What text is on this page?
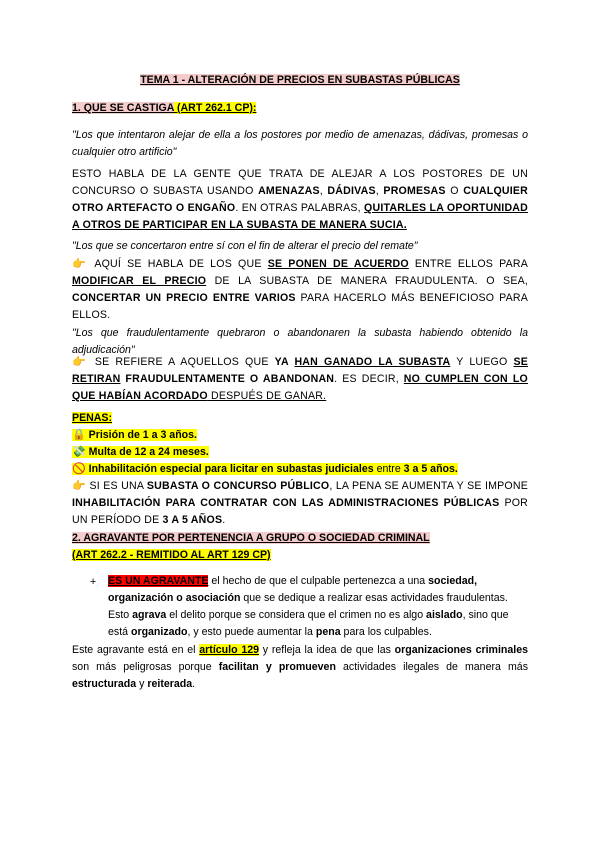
TEMA 1 - ALTERACIÓN DE PRECIOS EN SUBASTAS PÚBLICAS
1. QUE SE CASTIGA (ART 262.1 CP):
"Los que intentaron alejar de ella a los postores por medio de amenazas, dádivas, promesas o cualquier otro artificio"
ESTO HABLA DE LA GENTE QUE TRATA DE ALEJAR A LOS POSTORES DE UN CONCURSO O SUBASTA USANDO AMENAZAS, DÁDIVAS, PROMESAS O CUALQUIER OTRO ARTEFACTO O ENGAÑO. EN OTRAS PALABRAS, QUITARLES LA OPORTUNIDAD A OTROS DE PARTICIPAR EN LA SUBASTA DE MANERA SUCIA.
"Los que se concertaron entre sí con el fin de alterar el precio del remate"
👉 AQUÍ SE HABLA DE LOS QUE SE PONEN DE ACUERDO ENTRE ELLOS PARA MODIFICAR EL PRECIO DE LA SUBASTA DE MANERA FRAUDULENTA. O SEA, CONCERTAR UN PRECIO ENTRE VARIOS PARA HACERLO MÁS BENEFICIOSO PARA ELLOS.
"Los que fraudulentamente quebraron o abandonaren la subasta habiendo obtenido la adjudicación"
👉 SE REFIERE A AQUELLOS QUE YA HAN GANADO LA SUBASTA Y LUEGO SE RETIRAN FRAUDULENTAMENTE O ABANDONAN. ES DECIR, NO CUMPLEN CON LO QUE HABÍAN ACORDADO DESPUÉS DE GANAR.
PENAS:
🔒 Prisión de 1 a 3 años.
💸 Multa de 12 a 24 meses.
🚫 Inhabilitación especial para licitar en subastas judiciales entre 3 a 5 años.
👉 SI ES UNA SUBASTA O CONCURSO PÚBLICO, LA PENA SE AUMENTA Y SE IMPONE INHABILITACIÓN PARA CONTRATAR CON LAS ADMINISTRACIONES PÚBLICAS POR UN PERÍODO DE 3 A 5 AÑOS.
2. AGRAVANTE POR PERTENENCIA A GRUPO O SOCIEDAD CRIMINAL
(ART 262.2 - REMITIDO AL ART 129 CP)
+	ES UN AGRAVANTE el hecho de que el culpable pertenezca a una sociedad, organización o asociación que se dedique a realizar esas actividades fraudulentas. Esto agrava el delito porque se considera que el crimen no es algo aislado, sino que está organizado, y esto puede aumentar la pena para los culpables.
Este agravante está en el artículo 129 y refleja la idea de que las organizaciones criminales son más peligrosas porque facilitan y promueven actividades ilegales de manera más estructurada y reiterada.
